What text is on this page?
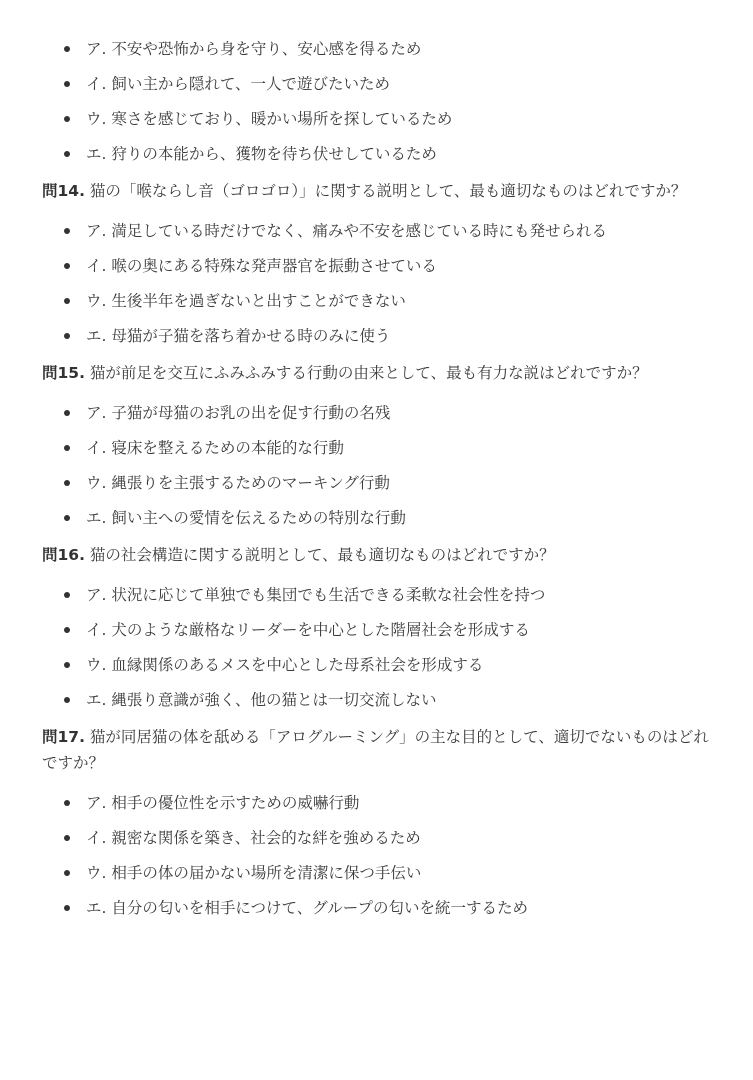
ア. 不安や恐怖から身を守り、安心感を得るため
イ. 飼い主から隠れて、一人で遊びたいため
ウ. 寒さを感じており、暖かい場所を探しているため
エ. 狩りの本能から、獲物を待ち伏せしているため

問14. 猫の「喉ならし音（ゴロゴロ）」に関する説明として、最も適切なものはどれですか？

ア. 満足している時だけでなく、痛みや不安を感じている時にも発せられる
イ. 喉の奥にある特殊な発声器官を振動させている
ウ. 生後半年を過ぎないと出すことができない
エ. 母猫が子猫を落ち着かせる時のみに使う

問15. 猫が前足を交互にふみふみする行動の由来として、最も有力な説はどれですか？

ア. 子猫が母猫のお乳の出を促す行動の名残
イ. 寝床を整えるための本能的な行動
ウ. 縄張りを主張するためのマーキング行動
エ. 飼い主への愛情を伝えるための特別な行動

問16. 猫の社会構造に関する説明として、最も適切なものはどれですか？

ア. 状況に応じて単独でも集団でも生活できる柔軟な社会性を持つ
イ. 犬のような厳格なリーダーを中心とした階層社会を形成する
ウ. 血縁関係のあるメスを中心とした母系社会を形成する
エ. 縄張り意識が強く、他の猫とは一切交流しない

問17. 猫が同居猫の体を舐める「アログルーミング」の主な目的として、適切でないものはどれですか？

ア. 相手の優位性を示すための威嚇行動
イ. 親密な関係を築き、社会的な絆を強めるため
ウ. 相手の体の届かない場所を清潔に保つ手伝い
エ. 自分の匂いを相手につけて、グループの匂いを統一するため
